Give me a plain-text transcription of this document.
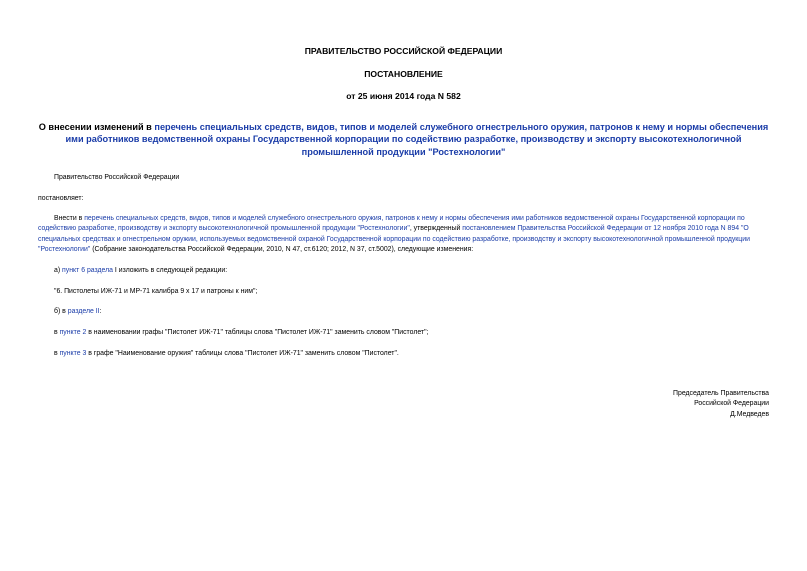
ПРАВИТЕЛЬСТВО РОССИЙСКОЙ ФЕДЕРАЦИИ
ПОСТАНОВЛЕНИЕ
от 25 июня 2014 года N 582
О внесении изменений в перечень специальных средств, видов, типов и моделей служебного огнестрельного оружия, патронов к нему и нормы обеспечения ими работников ведомственной охраны Государственной корпорации по содействию разработке, производству и экспорту высокотехнологичной промышленной продукции "Ростехнологии"
Правительство Российской Федерации
постановляет:
Внести в перечень специальных средств, видов, типов и моделей служебного огнестрельного оружия, патронов к нему и нормы обеспечения ими работников ведомственной охраны Государственной корпорации по содействию разработке, производству и экспорту высокотехнологичной промышленной продукции "Ростехнологии", утвержденный постановлением Правительства Российской Федерации от 12 ноября 2010 года N 894 "О специальных средствах и огнестрельном оружии, используемых ведомственной охраной Государственной корпорации по содействию разработке, производству и экспорту высокотехнологичной промышленной продукции "Ростехнологии" (Собрание законодательства Российской Федерации, 2010, N 47, ст.6120; 2012, N 37, ст.5002), следующие изменения:
а) пункт 6 раздела I изложить в следующей редакции:
"6. Пистолеты ИЖ-71 и МР-71 калибра 9 x 17 и патроны к ним";
б) в разделе II:
в пункте 2 в наименовании графы "Пистолет ИЖ-71" таблицы слова "Пистолет ИЖ-71" заменить словом "Пистолет";
в пункте 3 в графе "Наименование оружия" таблицы слова "Пистолет ИЖ-71" заменить словом "Пистолет".
Председатель Правительства
Российской Федерации
Д.Медведев
